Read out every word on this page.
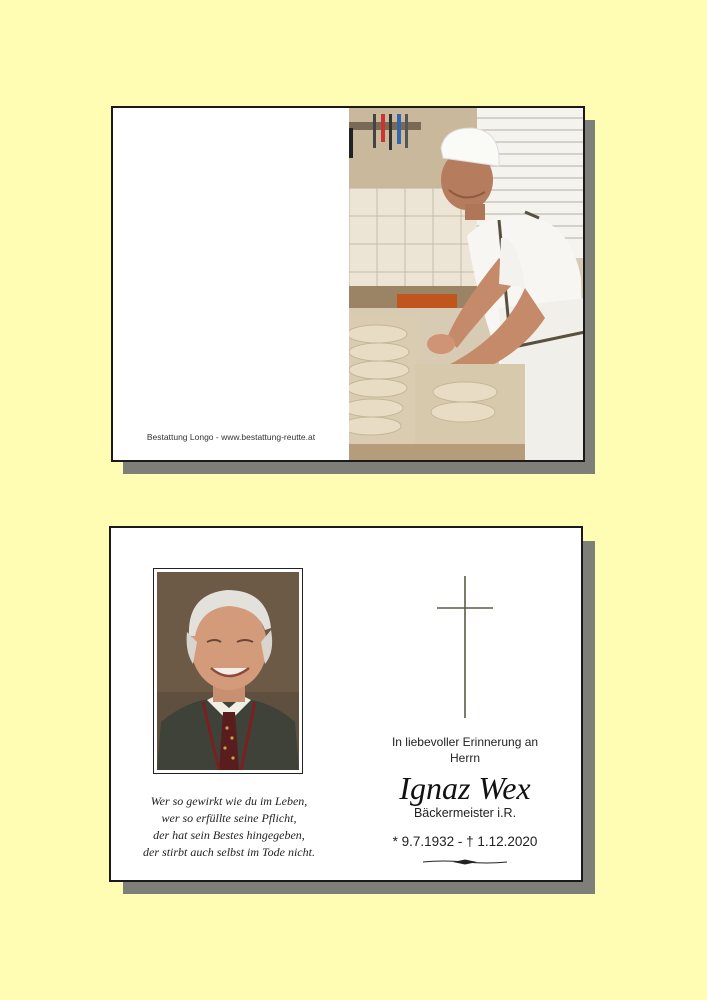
Bestattung Longo - www.bestattung-reutte.at
Wer so gewirkt wie du im Leben,
wer so erfüllte seine Pflicht,
der hat sein Bestes hingegeben,
der stirbt auch selbst im Tode nicht.
In liebevoller Erinnerung an
Herrn
Ignaz Wex
Bäckermeister i.R.
* 9.7.1932 - † 1.12.2020
